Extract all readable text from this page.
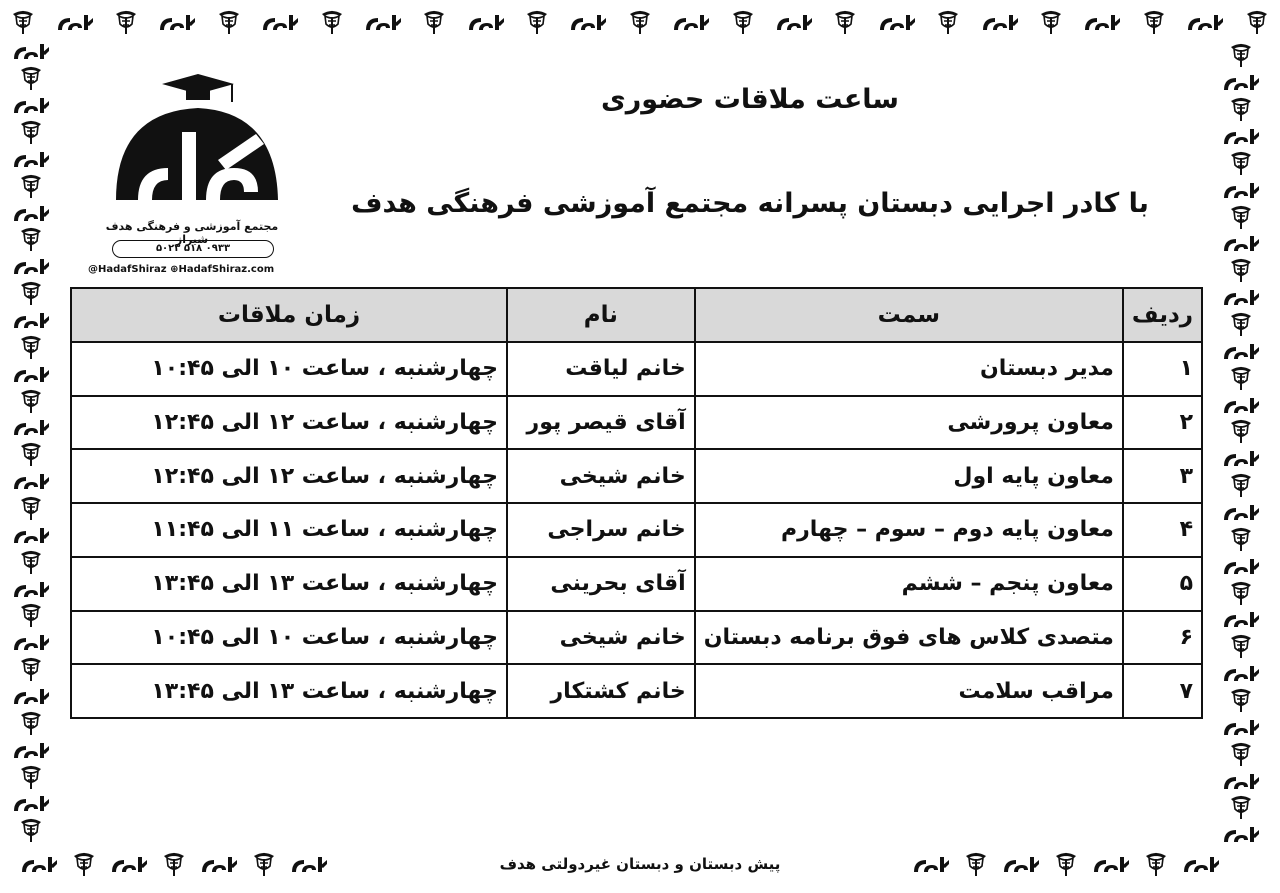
پیش دبستان و دبستان غیردولتی هدف
مجتمع آموزشی و فرهنگی هدف شیراز
۰۹۳۳ ۵۱۸ ۵۰۲۳
@HadafShiraz ⊕HadafShiraz.com
ساعت ملاقات حضوری
با کادر اجرایی دبستان پسرانه مجتمع آموزشی فرهنگی هدف
ردیف	سمت	نام	زمان ملاقات
۱	مدیر دبستان	خانم لیاقت	چهارشنبه ، ساعت ۱۰ الی ۱۰:۴۵
۲	معاون پرورشی	آقای قیصر پور	چهارشنبه ، ساعت ۱۲ الی ۱۲:۴۵
۳	معاون پایه اول	خانم شیخی	چهارشنبه ، ساعت ۱۲ الی ۱۲:۴۵
۴	معاون پایه دوم – سوم – چهارم	خانم سراجی	چهارشنبه ، ساعت ۱۱ الی ۱۱:۴۵
۵	معاون پنجم – ششم	آقای بحرینی	چهارشنبه ، ساعت ۱۳ الی ۱۳:۴۵
۶	متصدی کلاس های فوق برنامه دبستان	خانم شیخی	چهارشنبه ، ساعت ۱۰ الی ۱۰:۴۵
۷	مراقب سلامت	خانم کشتکار	چهارشنبه ، ساعت ۱۳ الی ۱۳:۴۵
